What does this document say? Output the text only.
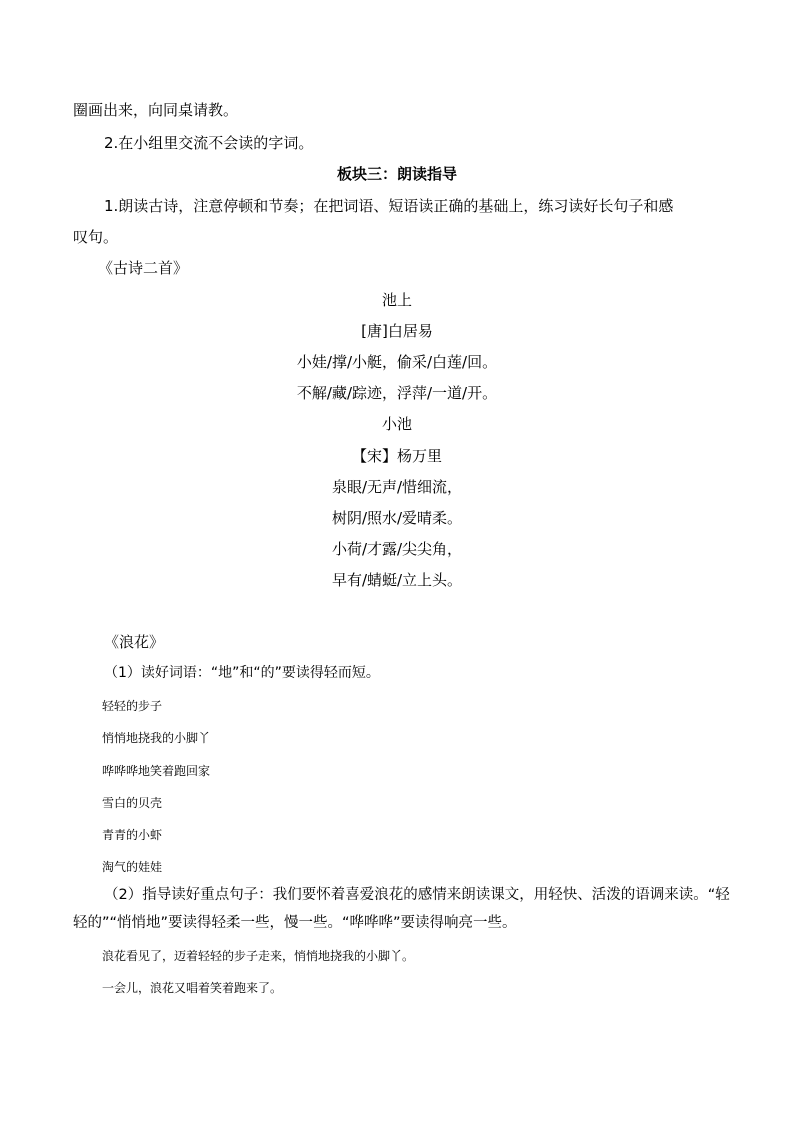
圈画出来，向同桌请教。
2.在小组里交流不会读的字词。
板块三：朗读指导
1.朗读古诗，注意停顿和节奏；在把词语、短语读正确的基础上，练习读好长句子和感
叹句。
《古诗二首》
池上
[唐]白居易
小娃/撑/小艇，偷采/白莲/回。
不解/藏/踪迹，浮萍/一道/开。
小池
【宋】杨万里
泉眼/无声/惜细流，
树阴/照水/爱晴柔。
小荷/才露/尖尖角，
早有/蜻蜓/立上头。
《浪花》
（1）读好词语：“地”和“的”要读得轻而短。
轻轻的步子
悄悄地挠我的小脚丫
哗哗哗地笑着跑回家
雪白的贝壳
青青的小虾
淘气的娃娃
（2）指导读好重点句子：我们要怀着喜爱浪花的感情来朗读课文，用轻快、活泼的语调来读。“轻
轻的”“悄悄地”要读得轻柔一些，慢一些。“哗哗哗”要读得响亮一些。
浪花看见了，迈着轻轻的步子走来，悄悄地挠我的小脚丫。
一会儿，浪花又唱着笑着跑来了。
